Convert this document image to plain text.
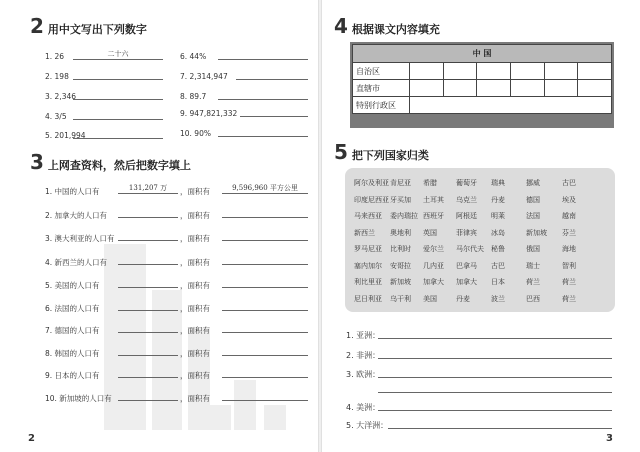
2 用中文写出下列数字
1. 26	二十六
2. 198
3. 2,346
4. 3/5
5. 201,994
6. 44%
7. 2,314,947
8. 89.7
9. 947,821,332
10. 90%
3 上网查资料，然后把数字填上
1. 中国的人口有	131,207 万	，面积有	9,596,960 平方公里
2. 加拿大的人口有	，面积有
3. 澳大利亚的人口有	，面积有
4. 新西兰的人口有	，面积有
5. 美国的人口有	，面积有
6. 法国的人口有	，面积有
7. 德国的人口有	，面积有
8. 韩国的人口有	，面积有
9. 日本的人口有	，面积有
10. 新加坡的人口有	，面积有
2
4 根据课文内容填充
中 国						
自治区						
直辖市						
特别行政区						
5 把下列国家归类
阿尔及利亚 肯尼亚 希腊	葡萄牙 瑞典	挪威	古巴
印度尼西亚 牙买加 土耳其 乌克兰 丹麦	德国	埃及
马来西亚 委内瑞拉 西班牙 阿根廷 明莱	法国	越南
新西兰 奥地利 英国	菲律宾 冰岛	新加坡 芬兰
罗马尼亚 比利时 爱尔兰 马尔代夫 秘鲁	俄国	海地
塞内加尔 安哥拉 几内亚 巴拿马 古巴	瑞士	智利
利比里亚 新加坡 加拿大 加拿大 日本	荷兰	荷兰
尼日利亚 乌干利 美国	丹麦	波兰	巴西	荷兰
1. 亚洲：
2. 非洲：
3. 欧洲：
4. 美洲：
5. 大洋洲：
3
